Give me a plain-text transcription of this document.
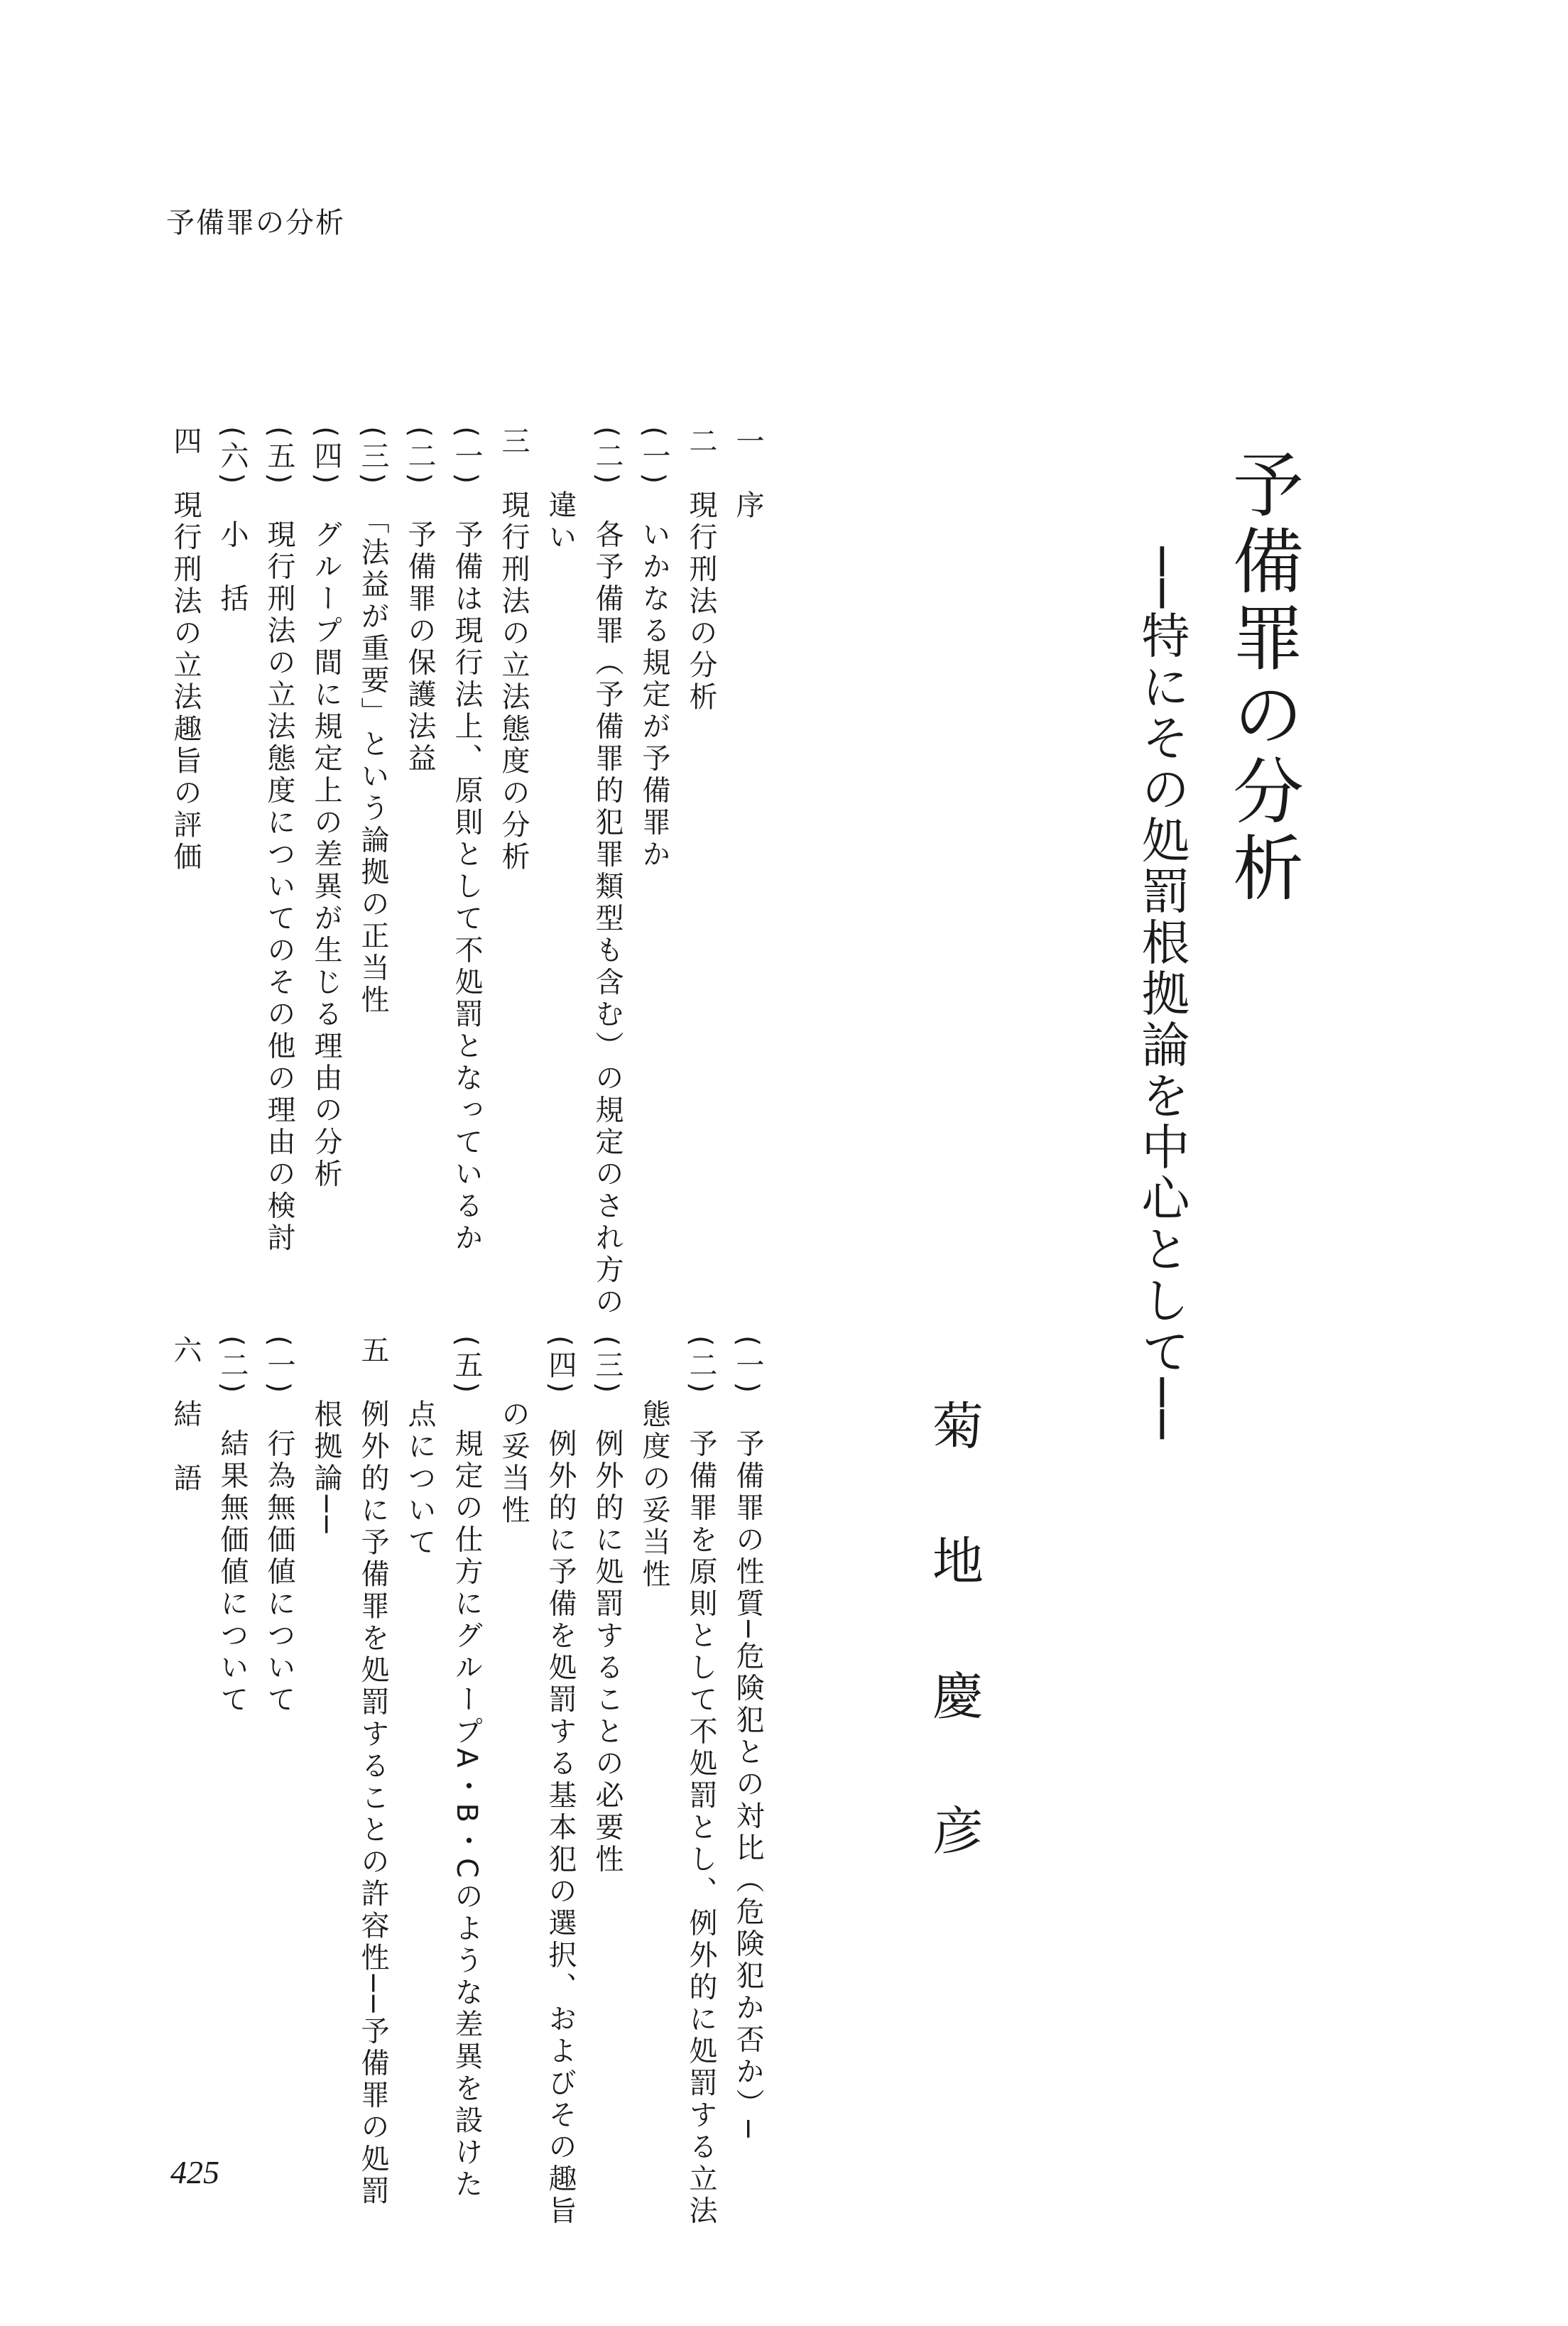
予備罪の分析
予備罪の分析
──特にその処罰根拠論を中心として──
菊地慶彦
一　序
二　現行刑法の分析
(一)　いかなる規定が予備罪か
(二)　各予備罪（予備罪的犯罪類型も含む）の規定のされ方の
　　違い
三　現行刑法の立法態度の分析
(一)　予備は現行法上、原則として不処罰となっているか
(二)　予備罪の保護法益
(三)　「法益が重要」という論拠の正当性
(四)　グループ間に規定上の差異が生じる理由の分析
(五)　現行刑法の立法態度についてのその他の理由の検討
(六)　小　括
四　現行刑法の立法趣旨の評価
(一)　予備罪の性質─危険犯との対比（危険犯か否か）─
(二)　予備罪を原則として不処罰とし、例外的に処罰する立法
　　態度の妥当性
(三)　例外的に処罰することの必要性
(四)　例外的に予備を処罰する基本犯の選択、およびその趣旨
　　の妥当性
(五)　規定の仕方にグループA・B・Cのような差異を設けた
　　点について
五　例外的に予備罪を処罰することの許容性──予備罪の処罰
　　根拠論──
(一)　行為無価値について
(二)　結果無価値について
六　結　語
425
